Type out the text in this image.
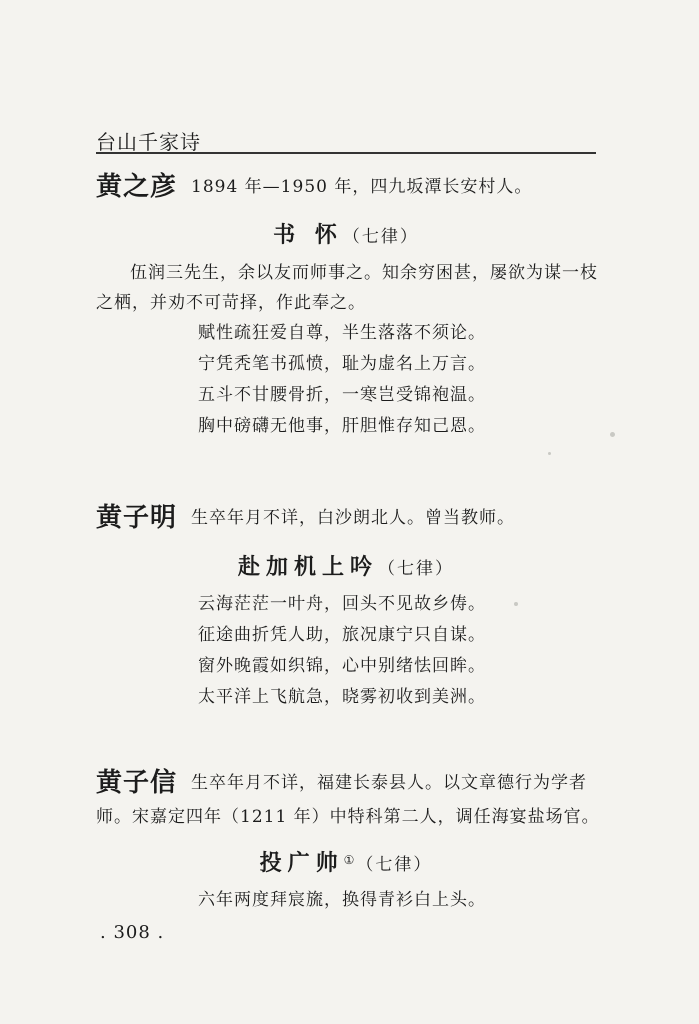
台山千家诗
黄之彦 1894 年—1950 年，四九坂潭长安村人。
书 怀（七律）
伍润三先生，余以友而师事之。知余穷困甚，屡欲为谋一枝之栖，并劝不可苛择，作此奉之。
赋性疏狂爱自尊，半生落落不须论。
宁凭秃笔书孤愤，耻为虚名上万言。
五斗不甘腰骨折，一寒岂受锦袍温。
胸中磅礴无他事，肝胆惟存知己恩。
黄子明 生卒年月不详，白沙朗北人。曾当教师。
赴加机上吟（七律）
云海茫茫一叶舟，回头不见故乡俦。
征途曲折凭人助，旅况康宁只自谋。
窗外晚霞如织锦，心中别绪怯回眸。
太平洋上飞航急，晓雾初收到美洲。
黄子信 生卒年月不详，福建长泰县人。以文章德行为学者
师。宋嘉定四年（1211 年）中特科第二人，调任海宴盐场官。
投广帅① （七律）
六年两度拜宸旒，换得青衫白上头。
. 308 .
